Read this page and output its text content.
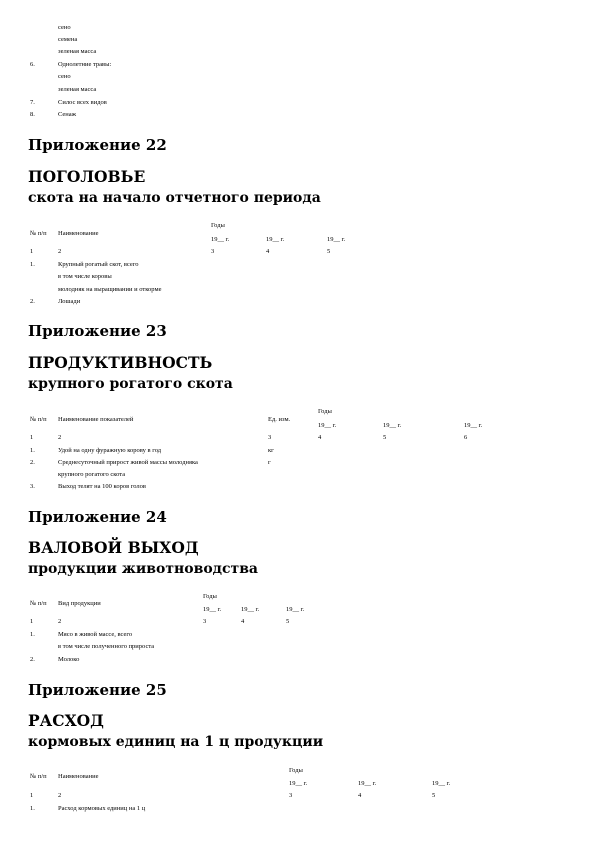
сено
семена
зеленая масса
6.	Однолетние травы:
сено
зеленая масса
7.	Силос всех видов
8.	Сенаж
Приложение 22
ПОГОЛОВЬЕ
скота на начало отчетного периода
Годы
№ п/п Наименование
19__ г.	19__ г.	19__ г.
1	2	3	4	5
1.	Крупный рогатый скот, всего
в том числе коровы
молодняк на выращивании и откорме
2.	Лошади
Приложение 23
ПРОДУКТИВНОСТЬ
крупного рогатого скота
Годы
№ п/п Наименование показателей	Ед. изм.
19__ г.	19__ г.	19__ г.
1	2	3	4	5	6
1.	Удой на одну фуражную корову в год	кг
2.	Среднесуточный прирост живой массы молодняка	г
крупного рогатого скота
3.	Выход телят на 100 коров голов
Приложение 24
ВАЛОВОЙ ВЫХОД
продукции животноводства
Годы
№ п/п Вид продукции
19__ г.	19__ г.	19__ г.
1	2	3	4	5
1.	Мясо в живой массе, всего
в том числе полученного прироста
2.	Молоко
Приложение 25
РАСХОД
кормовых единиц на 1 ц продукции
Годы
№ п/п Наименование
19__ г.	19__ г.	19__ г.
1	2	3	4	5
1.	Расход кормовых единиц на 1 ц
